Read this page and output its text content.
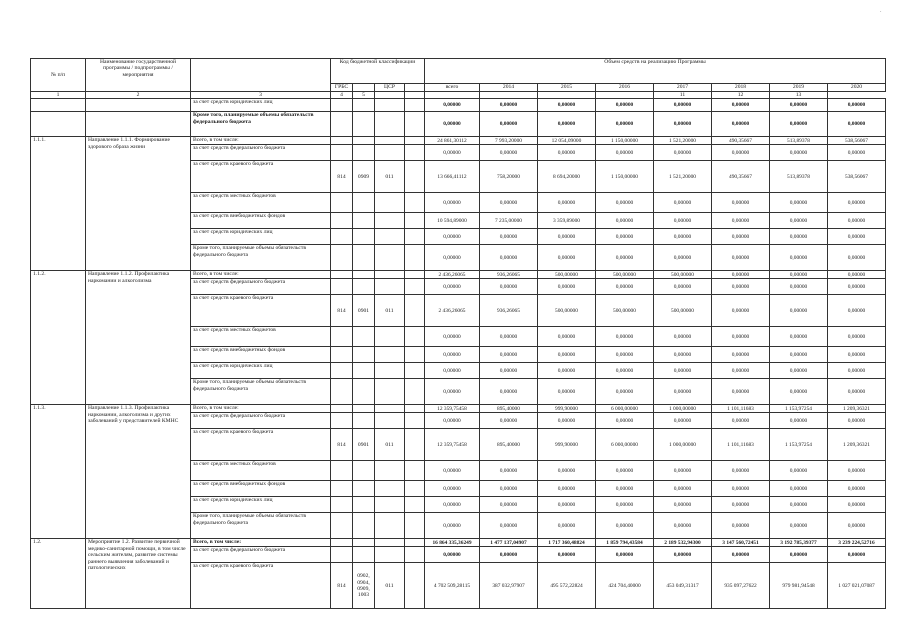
.
№ п/п	Наименование государственной программы / подпрограммы / мероприятия		Код бюджетной классификации				Объем средств на реализацию Программы							
			ГРБС		ЦСР		всего	2014	2015	2016	2017	2018	2019	2020
1	2	3	4	5							11	12	13	
		за счет средств юридических лиц					0,00000	0,00000	0,00000	0,00000	0,00000	0,00000	0,00000	0,00000
		Кроме того, планируемые объемы обязательств федерального бюджета					0,00000	0,00000	0,00000	0,00000	0,00000	0,00000	0,00000	0,00000
1.1.1.	Направление 1.1.1. Формирование здорового образа жизни	Всего, в том числе:					24 861,30112	7 993,20000	12 054,09000	1 150,00000	1 521,20000	490,35667	513,89378	538,56067
		за счет средств федерального бюджета					0,00000	0,00000	0,00000	0,00000	0,00000	0,00000	0,00000	0,00000
		за счет средств краевого бюджета	814	0909	011		13 666,41112	758,20000	8 694,20000	1 150,00000	1 521,20000	490,35667	513,89378	538,56067
		за счет средств местных бюджетов					0,00000	0,00000	0,00000	0,00000	0,00000	0,00000	0,00000	0,00000
		за счет средств внебюджетных фондов					10 594,89000	7 235,00000	3 359,89000	0,00000	0,00000	0,00000	0,00000	0,00000
		за счет средств юридических лиц					0,00000	0,00000	0,00000	0,00000	0,00000	0,00000	0,00000	0,00000
		Кроме того, планируемые объемы обязательств федерального бюджета					0,00000	0,00000	0,00000	0,00000	0,00000	0,00000	0,00000	0,00000
1.1.2.	Направление 1.1.2. Профилактика наркомании и алкоголизма	Всего, в том числе:					2 436,26065	936,26065	500,00000	500,00000	500,00000	0,00000	0,00000	0,00000
		за счет средств федерального бюджета					0,00000	0,00000	0,00000	0,00000	0,00000	0,00000	0,00000	0,00000
		за счет средств краевого бюджета	814	0901	011		2 436,26065	936,26065	500,00000	500,00000	500,00000	0,00000	0,00000	0,00000
		за счет средств местных бюджетов					0,00000	0,00000	0,00000	0,00000	0,00000	0,00000	0,00000	0,00000
		за счет средств внебюджетных фондов					0,00000	0,00000	0,00000	0,00000	0,00000	0,00000	0,00000	0,00000
		за счет средств юридических лиц					0,00000	0,00000	0,00000	0,00000	0,00000	0,00000	0,00000	0,00000
		Кроме того, планируемые объемы обязательств федерального бюджета					0,00000	0,00000	0,00000	0,00000	0,00000	0,00000	0,00000	0,00000
1.1.3.	Направление 1.1.3. Профилактика наркомании, алкоголизма и других заболеваний у представителей КМНС	Всего, в том числе:					12 359,75458	895,40000	999,90000	6 000,00000	1 000,00000	1 101,11683	1 153,97254	1 209,36321
		за счет средств федерального бюджета					0,00000	0,00000	0,00000	0,00000	0,00000	0,00000	0,00000	0,00000
		за счет средств краевого бюджета	814	0901	011		12 359,75458	895,40000	999,90000	6 000,00000	1 000,00000	1 101,11683	1 153,97254	1 209,36321
		за счет средств местных бюджетов					0,00000	0,00000	0,00000	0,00000	0,00000	0,00000	0,00000	0,00000
		за счет средств внебюджетных фондов					0,00000	0,00000	0,00000	0,00000	0,00000	0,00000	0,00000	0,00000
		за счет средств юридических лиц					0,00000	0,00000	0,00000	0,00000	0,00000	0,00000	0,00000	0,00000
		Кроме того, планируемые объемы обязательств федерального бюджета					0,00000	0,00000	0,00000	0,00000	0,00000	0,00000	0,00000	0,00000
1.2.	Мероприятие 1.2. Развитие первичной медико-санитарной помощи, в том числе сельским жителям, развитие системы раннего выявления заболеваний и патологических	Всего, в том числе:					16 864 335,36249	1 477 137,04907	1 717 360,48824	1 859 794,43584	2 189 532,94300	3 147 560,72451	3 192 785,39377	3 239 224,52716
		за счет средств федерального бюджета					0,00000	0,00000	0,00000	0,00000	0,00000	0,00000	0,00000	0,00000
		за счет средств краевого бюджета	814	0902, 0904, 0909, 1003	011		4 702 509,28115	387 032,97907	495 572,22824	424 704,40000	453 049,31317	935 097,27622	979 981,94548	1 027 021,07087
